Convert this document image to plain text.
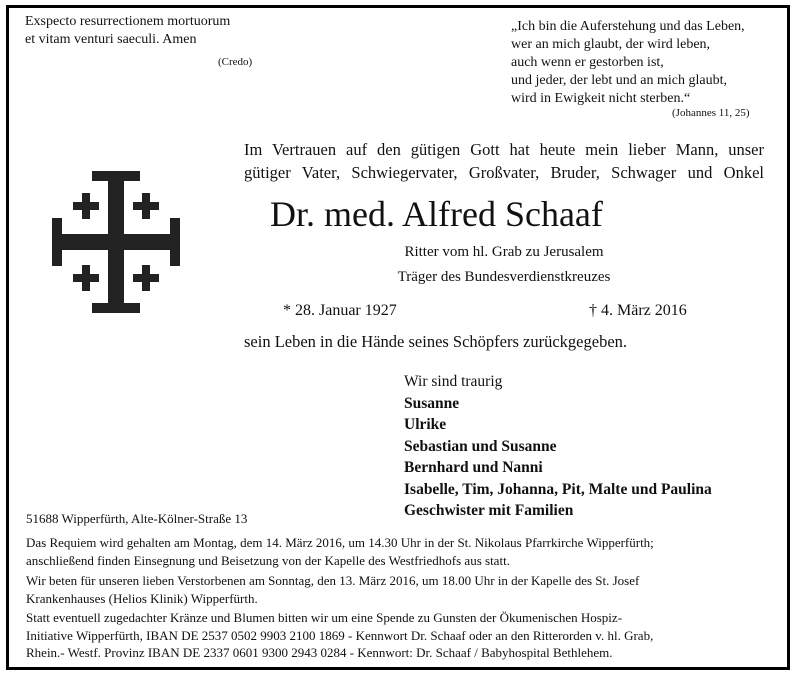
Exspecto resurrectionem mortuorum
et vitam venturi saeculi. Amen
(Credo)
„Ich bin die Auferstehung und das Leben,
wer an mich glaubt, der wird leben,
auch wenn er gestorben ist,
und jeder, der lebt und an mich glaubt,
wird in Ewigkeit nicht sterben.“
(Johannes 11, 25)
Im Vertrauen auf den gütigen Gott hat heute mein lieber Mann, unser
gütiger Vater, Schwiegervater, Großvater, Bruder, Schwager und Onkel
Dr. med. Alfred Schaaf
Ritter vom hl. Grab zu Jerusalem
Träger des Bundesverdienstkreuzes
* 28. Januar 1927	† 4. März 2016
sein Leben in die Hände seines Schöpfers zurückgegeben.
Wir sind traurig
Susanne
Ulrike
Sebastian und Susanne
Bernhard und Nanni
Isabelle, Tim, Johanna, Pit, Malte und Paulina
Geschwister mit Familien
51688 Wipperfürth, Alte-Kölner-Straße 13
Das Requiem wird gehalten am Montag, dem 14. März 2016, um 14.30 Uhr in der St. Nikolaus Pfarrkirche Wipperfürth;
anschließend finden Einsegnung und Beisetzung von der Kapelle des Westfriedhofs aus statt.
Wir beten für unseren lieben Verstorbenen am Sonntag, den 13. März 2016, um 18.00 Uhr in der Kapelle des St. Josef
Krankenhauses (Helios Klinik) Wipperfürth.
Statt eventuell zugedachter Kränze und Blumen bitten wir um eine Spende zu Gunsten der Ökumenischen Hospiz-
Initiative Wipperfürth, IBAN DE 2537 0502 9903 2100 1869 - Kennwort Dr. Schaaf oder an den Ritterorden v. hl. Grab,
Rhein.- Westf. Provinz IBAN DE 2337 0601 9300 2943 0284 - Kennwort: Dr. Schaaf / Babyhospital Bethlehem.
